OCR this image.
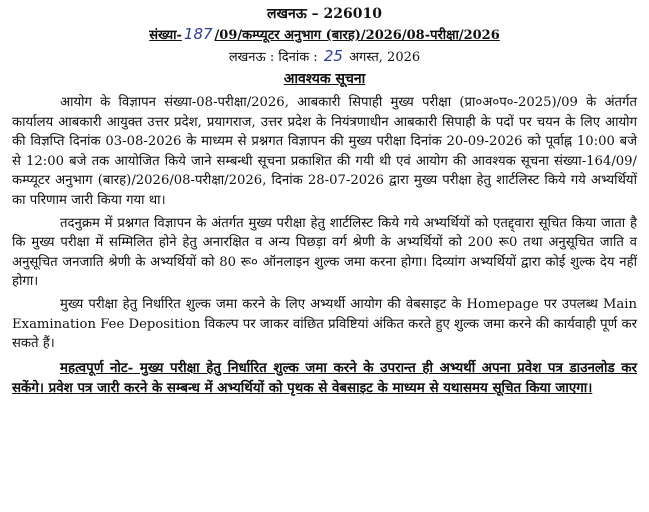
लखनऊ – 226010
संख्या- 187 /09/कम्प्यूटर अनुभाग (बारह)/2026/08-परीक्षा/2026
लखनऊ : दिनांक : 25 अगस्त, 2026
आवश्यक सूचना

आयोग के विज्ञापन संख्या-08-परीक्षा/2026, आबकारी सिपाही मुख्य परीक्षा (प्रा०अ०प०-2025)/09 के अंतर्गत कार्यालय आबकारी आयुक्त उत्तर प्रदेश, प्रयागराज, उत्तर प्रदेश के नियंत्रणाधीन आबकारी सिपाही के पदों पर चयन के लिए आयोग की विज्ञप्ति दिनांक 03-08-2026 के माध्यम से प्रश्नगत विज्ञापन की मुख्य परीक्षा दिनांक 20-09-2026 को पूर्वाह्न 10:00 बजे से 12:00 बजे तक आयोजित किये जाने सम्बन्धी सूचना प्रकाशित की गयी थी एवं आयोग की आवश्यक सूचना संख्या-164/09/कम्प्यूटर अनुभाग (बारह)/2026/08-परीक्षा/2026, दिनांक 28-07-2026 द्वारा मुख्य परीक्षा हेतु शार्टलिस्ट किये गये अभ्यर्थियों का परिणाम जारी किया गया था।

तदनुक्रम में प्रश्नगत विज्ञापन के अंतर्गत मुख्य परीक्षा हेतु शार्टलिस्ट किये गये अभ्यर्थियों को एतद्द्वारा सूचित किया जाता है कि मुख्य परीक्षा में सम्मिलित होने हेतु अनारक्षित व अन्य पिछड़ा वर्ग श्रेणी के अभ्यर्थियों को 200 रू0 तथा अनुसूचित जाति व अनुसूचित जनजाति श्रेणी के अभ्यर्थियों को 80 रू० ऑनलाइन शुल्क जमा करना होगा। दिव्यांग अभ्यर्थियों द्वारा कोई शुल्क देय नहीं होगा।

मुख्य परीक्षा हेतु निर्धारित शुल्क जमा करने के लिए अभ्यर्थी आयोग की वेबसाइट के Homepage पर उपलब्ध Main Examination Fee Deposition विकल्प पर जाकर वांछित प्रविष्टियां अंकित करते हुए शुल्क जमा करने की कार्यवाही पूर्ण कर सकते हैं।

महत्वपूर्ण नोट- मुख्य परीक्षा हेतु निर्धारित शुल्क जमा करने के उपरान्त ही अभ्यर्थी अपना प्रवेश पत्र डाउनलोड कर सकेंगे। प्रवेश पत्र जारी करने के सम्बन्ध में अभ्यर्थियों को पृथक से वेबसाइट के माध्यम से यथासमय सूचित किया जाएगा।
